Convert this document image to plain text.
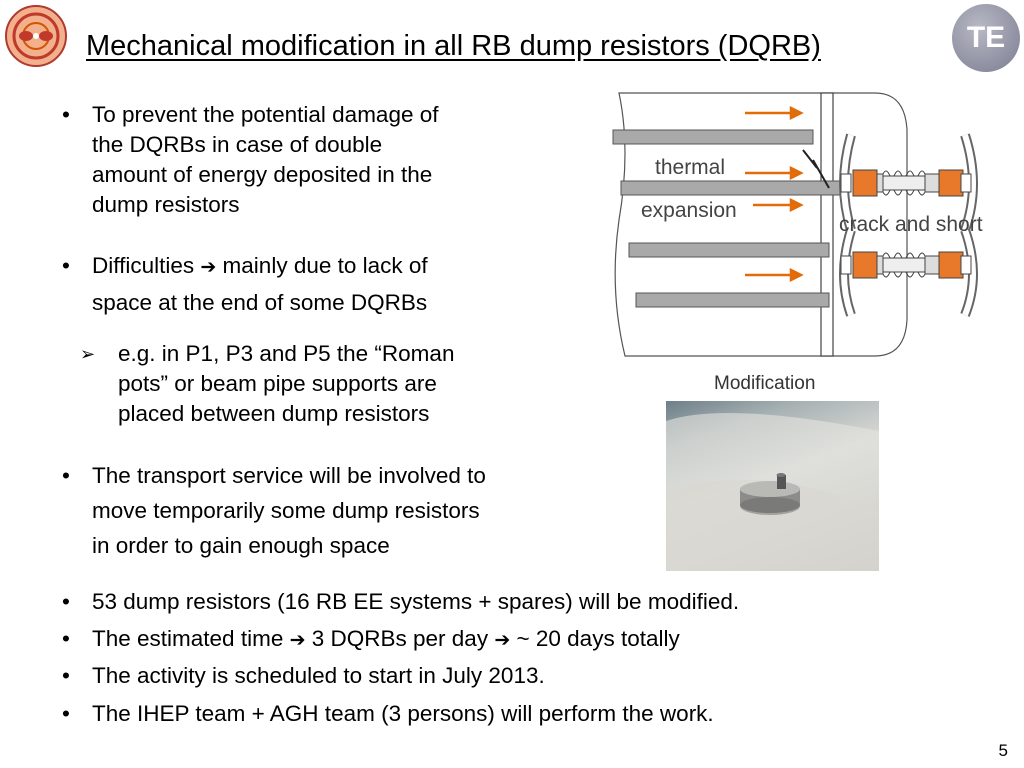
Mechanical modification in all RB dump resistors (DQRB)	TE
• To prevent the potential damage of
the DQRBs in case of double
amount of energy deposited in the
dump resistors
• Difficulties ➔ mainly due to lack of
space at the end of some DQRBs
➢ e.g. in P1, P3 and P5 the “Roman
pots” or beam pipe supports are
placed between dump resistors
• The transport service will be involved to
move temporarily some dump resistors
in order to gain enough space
• 53 dump resistors (16 RB EE systems + spares) will be modified.
• The estimated time ➔ 3 DQRBs per day ➔ ~ 20 days totally
• The activity is scheduled to start in July 2013.
• The IHEP team + AGH team (3 persons) will perform the work.
thermal
expansion
crack and short
Modification
5
